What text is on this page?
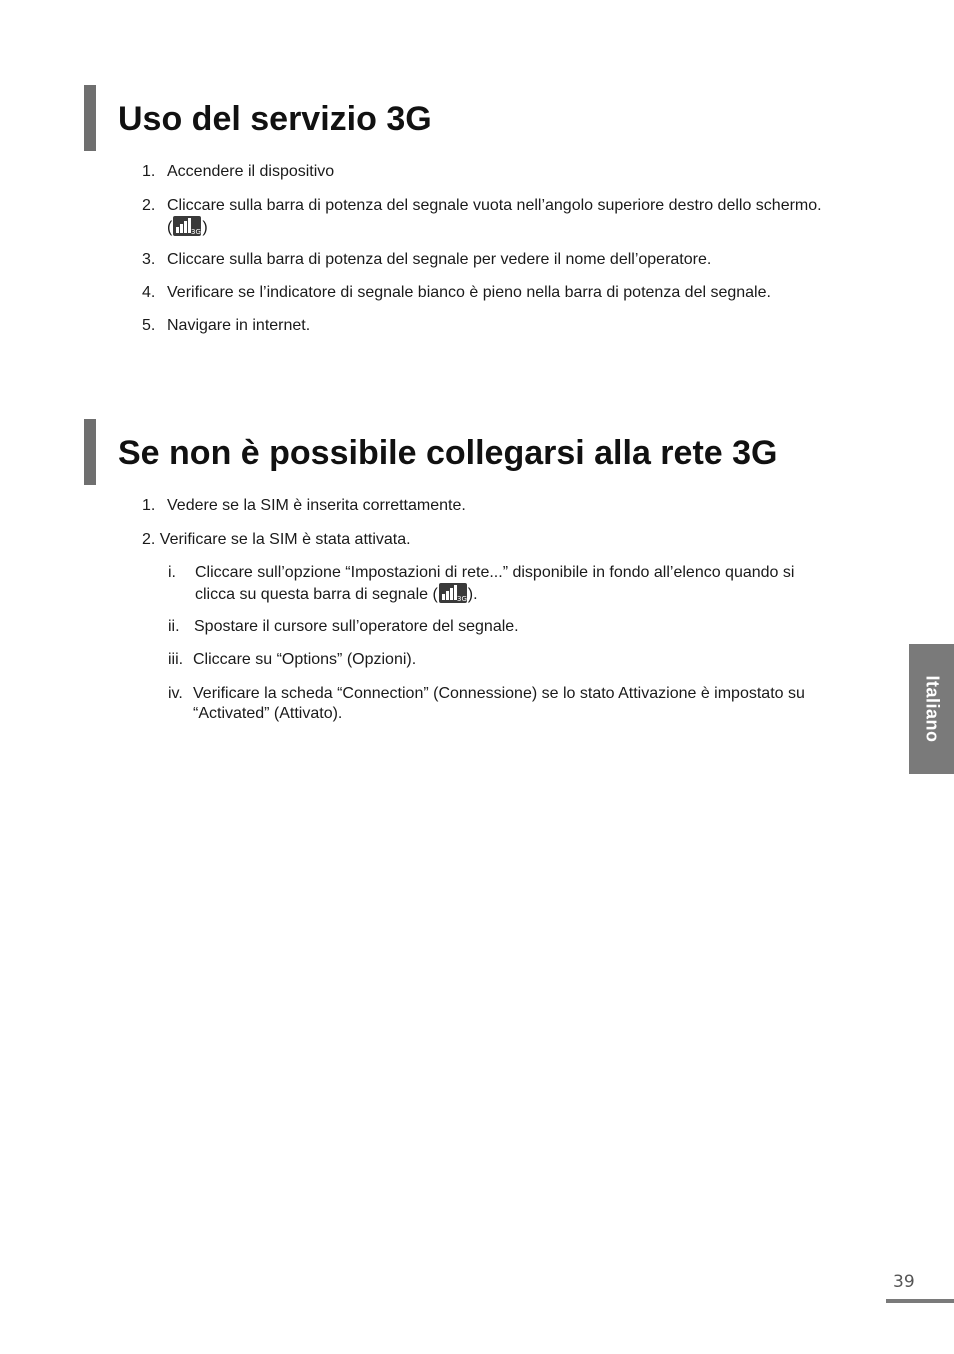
Uso del servizio 3G
1. Accendere il dispositivo
2. Cliccare sulla barra di potenza del segnale vuota nell’angolo superiore destro dello schermo.
(	3G )
3. Cliccare sulla barra di potenza del segnale per vedere il nome dell’operatore.
4. Verificare se l’indicatore di segnale bianco è pieno nella barra di potenza del segnale.
5. Navigare in internet.
Se non è possibile collegarsi alla rete 3G
1. Vedere se la SIM è inserita correttamente.
2. Verificare se la SIM è stata attivata.
i. Cliccare sull’opzione “Impostazioni di rete...” disponibile in fondo all’elenco quando si
clicca su questa barra di segnale (	3G ).
ii. Spostare il cursore sull’operatore del segnale.
iii. Cliccare su “Options” (Opzioni).
iv. Verificare la scheda “Connection” (Connessione) se lo stato Attivazione è impostato su
“Activated” (Attivato).	Italiano
39
